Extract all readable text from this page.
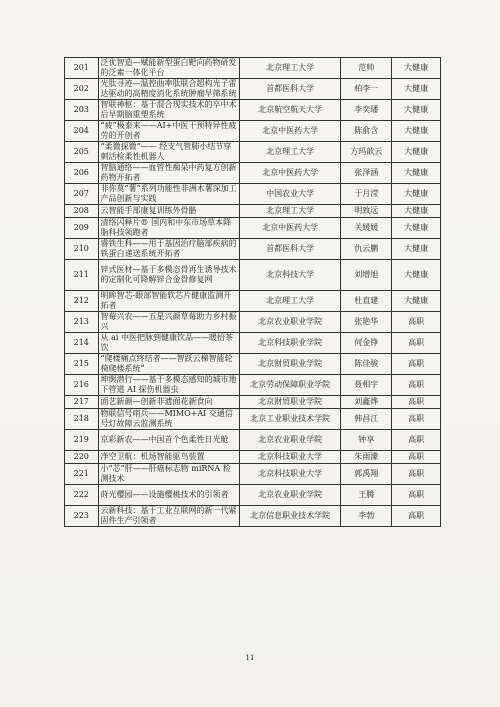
201	泛优智造—赋能新型蛋白靶向药物研发的泛素一体化平台	北京理工大学	范帅	大健康
202	光肽寻迹—温控曲率肽联合超构光子雷达驱动的高精度消化系统肿瘤早筛系统	首都医科大学	柏李一	大健康
203	智联神枢：基于混合现实技术的卒中术后早期脑重塑系统	北京航空航天大学	李奕璠	大健康
204	“疲”极泰来——AI+中医干预特异性疲劳的开创者	北京中医药大学	陈俞含	大健康
205	“柔微探微”—— 经支气管肺小结节穿刺活检柔性机器人	北京理工大学	方玛歆云	大健康
206	智脑通络——血管性痴呆中药复方创新药物开拓者	北京中医药大学	张泽涵	大健康
207	非你莫“薯”系列功能性非洲木薯深加工产品创新与实践	中国农业大学	于月滢	大健康
208	云智能手部康复训练外骨骼	北京理工大学	明致远	大健康
209	清络闪释片® 国内和中东市场草本降脂科技领跑者	北京中医药大学	关媛媛	大健康
210	睿铁生科——用于基因治疗脑部疾病的铁蛋白递送系统开拓者	首都医科大学	仇云鹏	大健康
211	锌式医材—基于多模态骨再生诱导技术的定制化可降解锌合金骨修复网	北京科技大学	刘增旭	大健康
212	明眸智芯-眼部智能软芯片健康监测开拓者	北京理工大学	杜直建	大健康
213	智莓兴农——五星兴颜草莓助力乡村振兴	北京农业职业学院	张艳华	高职
214	从 ai 中医把脉到健康饮品——暖拾茶饮	北京科技职业学院	何金铮	高职
215	“爬楼痛点终结者——智跃云梯智能轮椅爬楼系统”	北京财贸职业学院	陈佳骏	高职
216	坤舆潜行——基于多模态感知的城市地下管道 AI 探伤机器虫	北京劳动保障职业学院	聂相宇	高职
217	面艺新颜—创新非遗面花新食向	北京财贸职业学院	刘鑫烨	高职
218	物联信号哨兵——MIMO+AI 交通信号灯故障云监测系统	北京工业职业技术学院	韩昌江	高职
219	京彩新农——中国首个色柔性日光舱	北京农业职业学院	钟享	高职
220	净空卫航：机场智能驱鸟装置	北京科技职业大学	朱雨濛	高职
221	小“芯”肝——肝癌标志物 miRNA 检测技术	北京科技职业大学	郭禹翔	高职
222	莳光樱园——设施樱桃技术的引领者	北京农业职业学院	王腾	高职
223	云新科技：基于工业互联网的新一代紧固件生产引领者	北京信息职业技术学院	李勃	高职
11
